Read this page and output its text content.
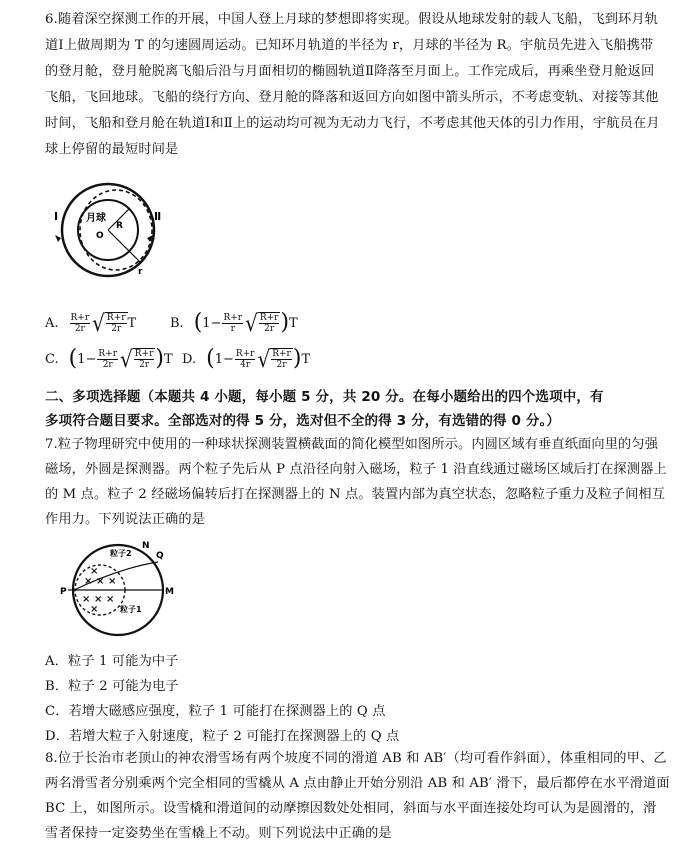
6.随着深空探测工作的开展，中国人登上月球的梦想即将实现。假设从地球发射的载人飞船，飞到环月轨
道Ⅰ上做周期为 T 的匀速圆周运动。已知环月轨道的半径为 r，月球的半径为 R。宇航员先进入飞船携带
的登月舱，登月舱脱离飞船后沿与月面相切的椭圆轨道Ⅱ降落至月面上。工作完成后，再乘坐登月舱返回
飞船，飞回地球。飞船的绕行方向、登月舱的降落和返回方向如图中箭头所示，不考虑变轨、对接等其他
时间，飞船和登月舱在轨道Ⅰ和Ⅱ上的运动均可视为无动力飞行，不考虑其他天体的引力作用，宇航员在月
球上停留的最短时间是
月球
O
R
r
Ⅰ	Ⅱ
A. $\frac{R+r}{2r}$ √ $\frac{R+r}{2r}$ T	B. ( $1- \frac{R+r}{r}$ √ $\frac{R+r}{2r}$ ) T
C. ( $1- \frac{R+r}{2r}$ √ $\frac{R+r}{2r}$ ) T D. ( $1- \frac{R+r}{4r}$ √ $\frac{R+r}{2r}$ ) T
二、多项选择题（本题共 4 小题，每小题 5 分，共 20 分。在每小题给出的四个选项中，有
多项符合题目要求。全部选对的得 5 分，选对但不全的得 3 分，有选错的得 0 分。）
7.粒子物理研究中使用的一种球状探测装置横截面的简化模型如图所示。内圆区域有垂直纸面向里的匀强
磁场，外圆是探测器。两个粒子先后从 P 点沿径向射入磁场，粒子 1 沿直线通过磁场区域后打在探测器上
的 M 点。粒子 2 经磁场偏转后打在探测器上的 N 点。装置内部为真空状态，忽略粒子重力及粒子间相互
作用力。下列说法正确的是
× × ×
× × ×
×
×
P	M
Q
N
粒子2
粒子1
A．粒子 1 可能为中子
B．粒子 2 可能为电子
C．若增大磁感应强度，粒子 1 可能打在探测器上的 Q 点
D．若增大粒子入射速度，粒子 2 可能打在探测器上的 Q 点
8.位于长治市老顶山的神农滑雪场有两个坡度不同的滑道 AB 和 AB′（均可看作斜面），体重相同的甲、乙
两名滑雪者分别乘两个完全相同的雪橇从 A 点由静止开始分别沿 AB 和 AB′ 滑下，最后都停在水平滑道面
BC 上，如图所示。设雪橇和滑道间的动摩擦因数处处相同，斜面与水平面连接处均可认为是圆滑的，滑
雪者保持一定姿势坐在雪橇上不动。则下列说法中正确的是
